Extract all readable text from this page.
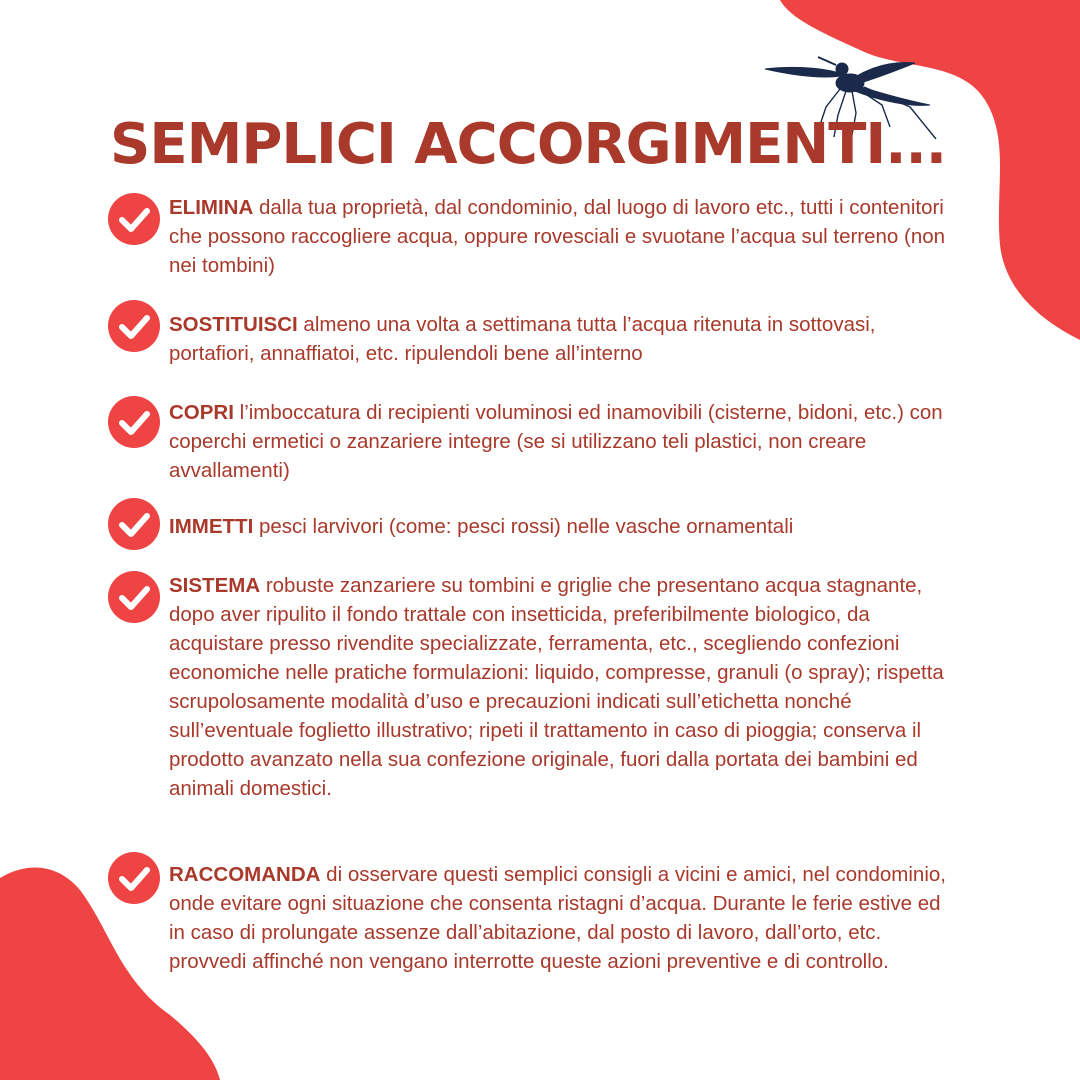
SEMPLICI ACCORGIMENTI...
ELIMINA dalla tua proprietà, dal condominio, dal luogo di lavoro etc., tutti i contenitori che possono raccogliere acqua, oppure rovesciali e svuotane l’acqua sul terreno (non nei tombini)
SOSTITUISCI almeno una volta a settimana tutta l’acqua ritenuta in sottovasi, portafiori, annaffiatoi, etc. ripulendoli bene all’interno
COPRI l’imboccatura di recipienti voluminosi ed inamovibili (cisterne, bidoni, etc.) con coperchi ermetici o zanzariere integre (se si utilizzano teli plastici, non creare avvallamenti)
IMMETTI pesci larvivori (come: pesci rossi) nelle vasche ornamentali
SISTEMA robuste zanzariere su tombini e griglie che presentano acqua stagnante, dopo aver ripulito il fondo trattale con insetticida, preferibilmente biologico, da acquistare presso rivendite specializzate, ferramenta, etc., scegliendo confezioni economiche nelle pratiche formulazioni: liquido, compresse, granuli (o spray); rispetta scrupolosamente modalità d’uso e precauzioni indicati sull’etichetta nonché sull’eventuale foglietto illustrativo; ripeti il trattamento in caso di pioggia; conserva il prodotto avanzato nella sua confezione originale, fuori dalla portata dei bambini ed animali domestici.
RACCOMANDA di osservare questi semplici consigli a vicini e amici, nel condominio, onde evitare ogni situazione che consenta ristagni d’acqua. Durante le ferie estive ed in caso di prolungate assenze dall’abitazione, dal posto di lavoro, dall’orto, etc. provvedi affinché non vengano interrotte queste azioni preventive e di controllo.
